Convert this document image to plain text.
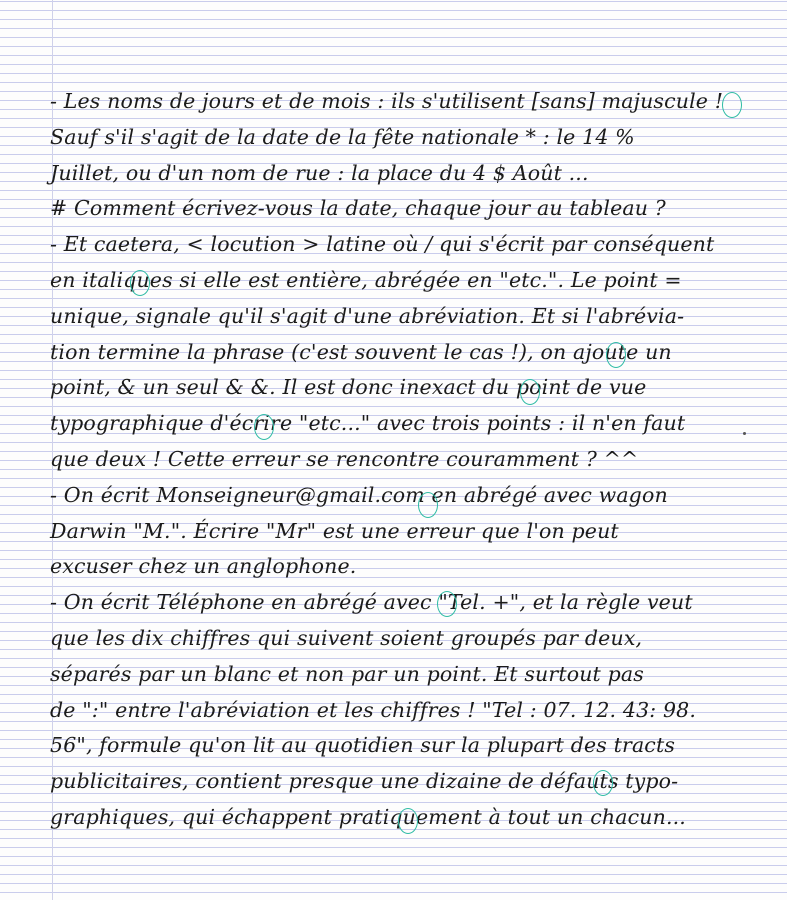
- Les noms de jours et de mois : ils s'utilisent [sans] majuscule !
Sauf s'il s'agit de la date de la fête nationale * : le 14 %
Juillet, ou d'un nom de rue : la place du 4 $ Août ...
# Comment écrivez-vous la date, chaque jour au tableau ?
- Et caetera, < locution > latine où / qui s'écrit par conséquent
en italiques si elle est entière, abrégée en "etc.". Le point =
unique, signale qu'il s'agit d'une abréviation. Et si l'abrévia-
tion termine la phrase (c'est souvent le cas !), on ajoute un
point, & un seul & &. Il est donc inexact du point de vue
typographique d'écrire "etc..." avec trois points : il n'en faut
que deux ! Cette erreur se rencontre couramment ? ^^
- On écrit Monseigneur@gmail.com en abrégé avec wagon
Darwin "M.". Écrire "Mr" est une erreur que l'on peut
excuser chez un anglophone.
- On écrit Téléphone en abrégé avec "Tel. +", et la règle veut
que les dix chiffres qui suivent soient groupés par deux,
séparés par un blanc et non par un point. Et surtout pas
de ":" entre l'abréviation et les chiffres ! "Tel : 07. 12. 43: 98.
56", formule qu'on lit au quotidien sur la plupart des tracts
publicitaires, contient presque une dizaine de défauts typo-
graphiques, qui échappent pratiquement à tout un chacun...
